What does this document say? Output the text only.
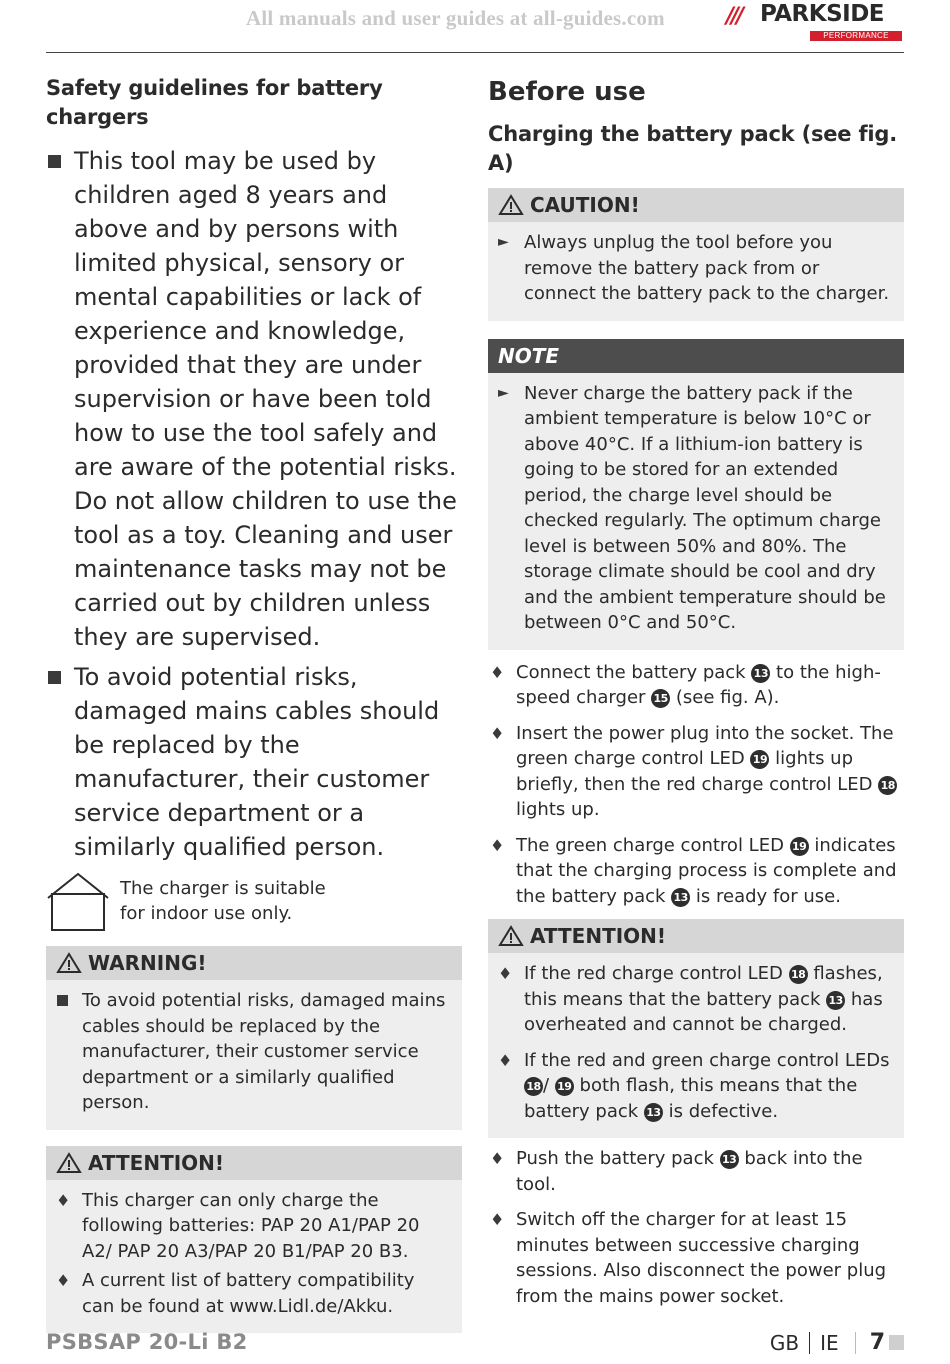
All manuals and user guides at all-guides.com	/// PARKSIDE
PERFORMANCE
Safety guidelines for battery chargers
This tool may be used by children aged 8 years and above and by persons with limited physical, sensory or mental capabilities or lack of experience and knowledge, provided that they are under supervision or have been told how to use the tool safely and are aware of the potential risks. Do not allow children to use the tool as a toy. Cleaning and user maintenance tasks may not be carried out by children unless they are supervised.
To avoid potential risks, damaged mains cables should be replaced by the manufacturer, their customer service department or a similarly qualified person.
The charger is suitable
for indoor use only.
WARNING!
To avoid potential risks, damaged mains cables should be replaced by the manufacturer, their customer service department or a similarly qualified person.
ATTENTION!
♦ This charger can only charge the following batteries: PAP 20 A1/PAP 20 A2/ PAP 20 A3/PAP 20 B1/PAP 20 B3.
♦ A current list of battery compatibility can be found at www.Lidl.de/Akku.
Before use
Charging the battery pack (see fig. A)
CAUTION!
► Always unplug the tool before you remove the battery pack from or connect the battery pack to the charger.
NOTE
► Never charge the battery pack if the ambient temperature is below 10°C or above 40°C. If a lithium-ion battery is going to be stored for an extended period, the charge level should be checked regularly. The optimum charge level is between 50% and 80%. The storage climate should be cool and dry and the ambient temperature should be between 0°C and 50°C.
♦ Connect the battery pack 13 to the high-speed charger 15 (see fig. A).
♦ Insert the power plug into the socket. The green charge control LED 19 lights up briefly, then the red charge control LED 18 lights up.
♦ The green charge control LED 19 indicates that the charging process is complete and the battery pack 13 is ready for use.
ATTENTION!
♦ If the red charge control LED 18 flashes, this means that the battery pack 13 has overheated and cannot be charged.
♦ If the red and green charge control LEDs 18 / 19 both flash, this means that the battery pack 13 is defective.
♦ Push the battery pack 13 back into the tool.
♦ Switch off the charger for at least 15 minutes between successive charging sessions. Also disconnect the power plug from the mains power socket.
PSBSAP 20-Li B2	GB IE 7
